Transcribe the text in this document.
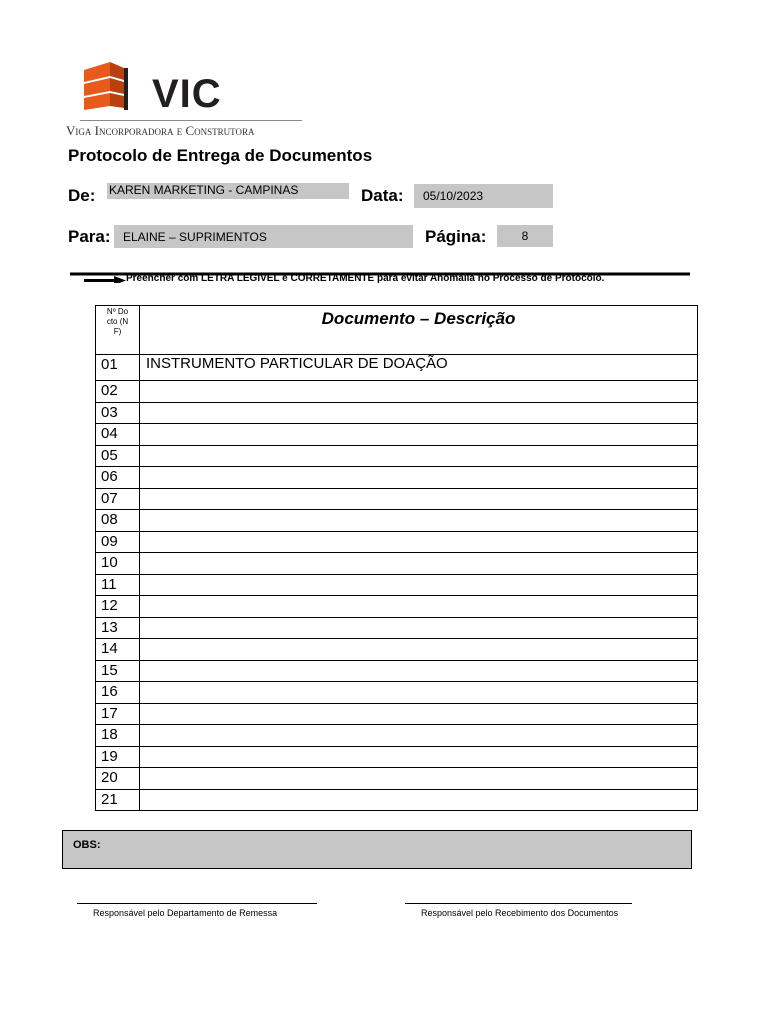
VIC
Viga Incorporadora e Construtora
Protocolo de Entrega de Documentos
De: KAREN MARKETING - CAMPINAS	Data: 05/10/2023
Para: ELAINE – SUPRIMENTOS	Página:	8
Preencher com LETRA LEGÍVEL e CORRETAMENTE para evitar Anomalia no Processo de Protocolo.
Nº Docto (NF)	Documento – Descrição
01	INSTRUMENTO PARTICULAR DE DOAÇÃO
02	
03	
04	
05	
06	
07	
08	
09	
10	
11	
12	
13	
14	
15	
16	
17	
18	
19	
20	
21	
OBS:
Responsável pelo Departamento de Remessa	Responsável pelo Recebimento dos Documentos
